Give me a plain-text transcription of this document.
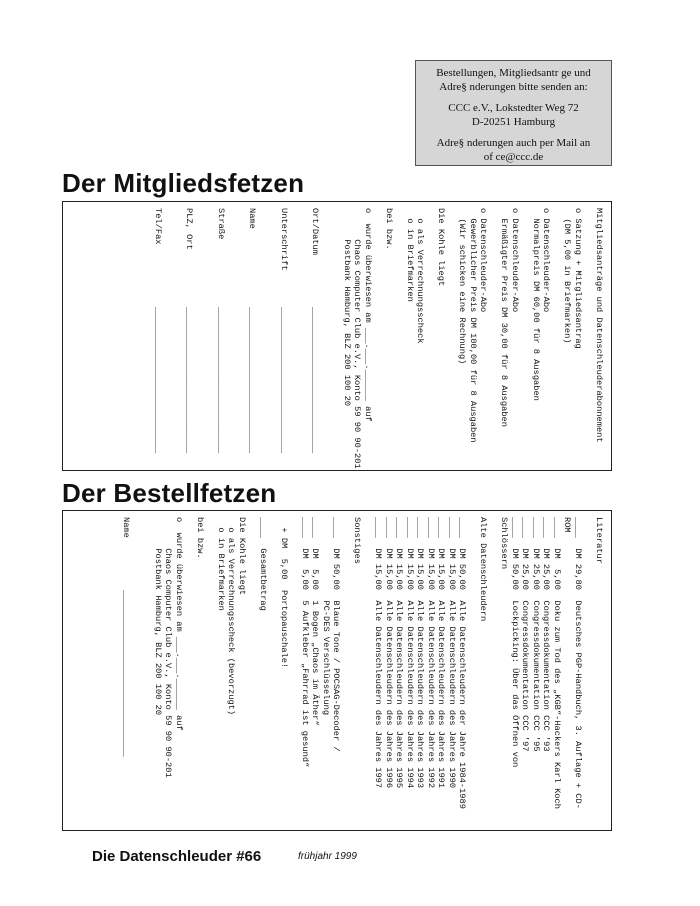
Bestellungen, Mitgliedsantr ge und
Adre§ nderungen bitte senden an:
CCC e.V., Lokstedter Weg 72
D-20251 Hamburg
Adre§ nderungen auch per Mail an
of ce@ccc.de
Der Mitgliedsfetzen
Mitgliedsanträge und Datenschleuderabonnement
o Satzung + Mitgliedsantrag
(DM 5,00 in Briefmarken)
o Datenschleuder-Abo
Normalpreis DM 60,00 für 8 Ausgaben
o Datenschleuder-Abo
Ermäßigter Preis DM 30,00 für 8 Ausgaben
o Datenschleuder-Abo
Gewerblicher Preis DM 100,00 für 8 Ausgaben
(Wir schicken eine Rechnung)
Die Kohle liegt
o als Verrechnungsscheck
o in Briefmarken
bei bzw.
o  wurde überwiesen am ___.___.______ auf
Chaos Computer Club e.V., Konto 59 90 90-201
Postbank Hamburg, BLZ 200 100 20
Ort/Datum          ____________________________
Unterschrift       ____________________________
Name               ____________________________
Straße             ____________________________
PLZ, Ort           ____________________________
Tel/Fax            ____________________________
Der Bestellfetzen
Literatur
____  DM 29,80  Deutsches PGP-Handbuch, 3. Auflage + CD-
ROM
____  DM  5,00  Doku zum Tod des „KGB“-Hackers Karl Koch
____  DM 25,00  Congressdokumentation CCC '93
____  DM 25,00  Congressdokumentation CCC '95
____  DM 25,00  Congressdokumentation CCC '97
____  DM 50,00  Lockpicking: Über das Öffnen von
Schlössern
Alte Datenschleudern
____  DM 50,00  Alle Datenschleudern der Jahre 1984-1989
____  DM 15,00  Alle Datenschleudern des Jahres 1990
____  DM 15,00  Alle Datenschleudern des Jahres 1991
____  DM 15,00  Alle Datenschleudern des Jahres 1992
____  DM 15,00  Alle Datenschleudern des Jahres 1993
____  DM 15,00  Alle Datenschleudern des Jahres 1994
____  DM 15,00  Alle Datenschleudern des Jahres 1995
____  DM 15,00  Alle Datenschleudern des Jahres 1996
____  DM 15,00  Alle Datenschleudern des Jahres 1997
Sonstiges
____  DM 50,00  Blaue Tone / POCSAG-Decoder /
PC-DES Verschlüsselung
____  DM  5,00  1 Bogen „Chaos im Äther“
____  DM  5,00  5 Aufkleber „Fahrrad ist gesund“
+ DM  5,00  Portopauschale!
____  Gesamtbetrag
Die Kohle liegt
o als Verrechnungsscheck (bevorzugt)
o in Briefmarken
bei bzw.
o  wurde überwiesen am ___.___.______ auf
Chaos Computer Club e.V., Konto 59 90 90-201
Postbank Hamburg, BLZ 200 100 20
Name          ________________________________
Die Datenschleuder #66	frühjahr 1999
